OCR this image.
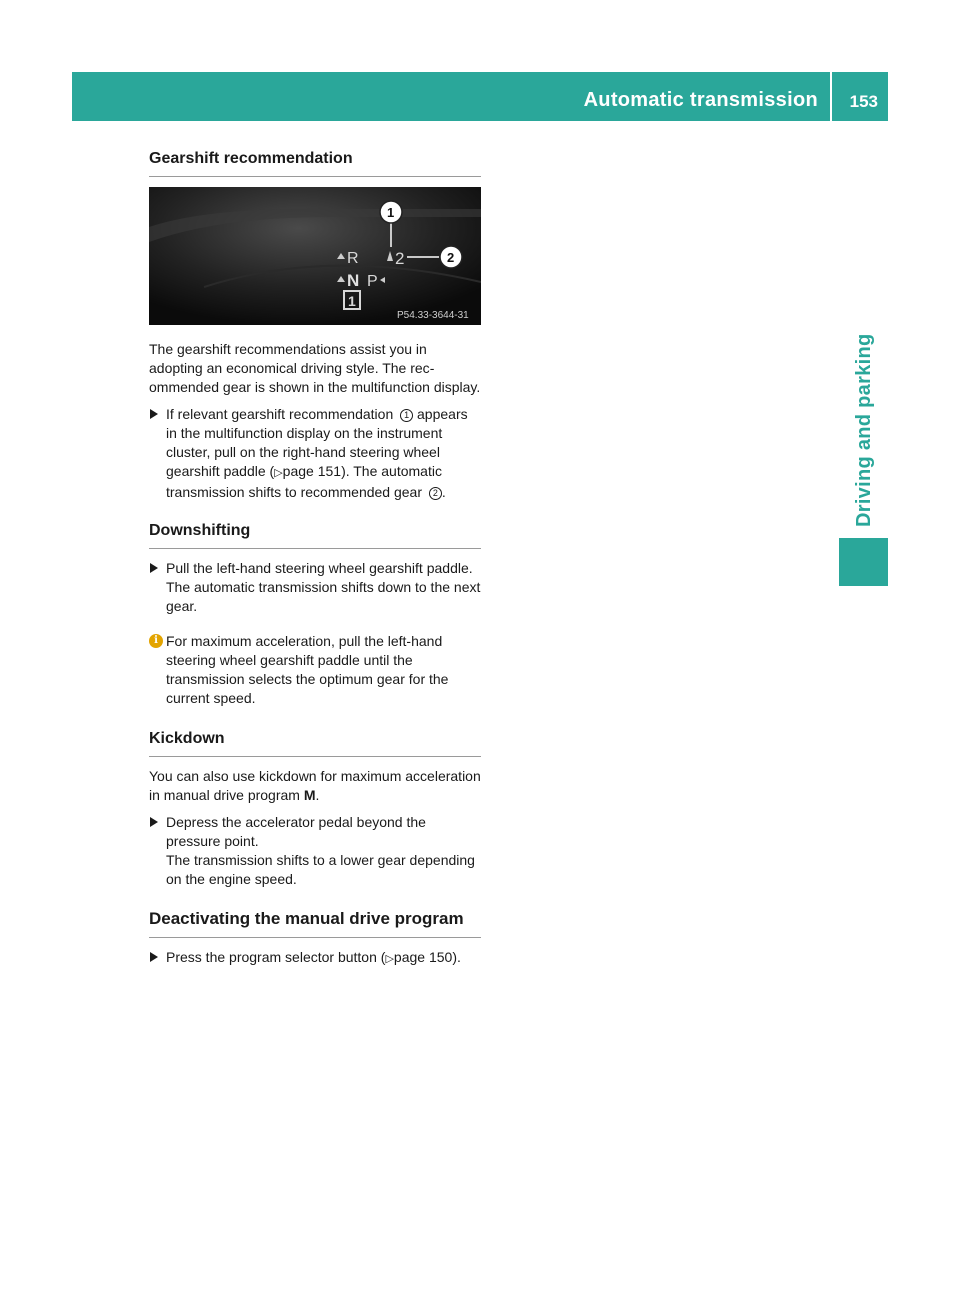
Automatic transmission 153
Driving and parking
Gearshift recommendation
R
N P
2
1
1
2
P54.33-3644-31

The gearshift recommendations assist you in adopting an economical driving style. The recommended gear is shown in the multifunction display.

If relevant gearshift recommendation 1 appears in the multifunction display on the instrument cluster, pull on the right-hand steering wheel gearshift paddle (▷page 151). The automatic transmission shifts to recommended gear 2 .
Downshifting
Pull the left-hand steering wheel gearshift paddle.
The automatic transmission shifts down to the next gear.
i For maximum acceleration, pull the left-hand steering wheel gearshift paddle until the transmission selects the optimum gear for the current speed.
Kickdown

You can also use kickdown for maximum acceleration in manual drive program M.

Depress the accelerator pedal beyond the pressure point.
The transmission shifts to a lower gear depending on the engine speed.
Deactivating the manual drive program
Press the program selector button (▷page 150).
